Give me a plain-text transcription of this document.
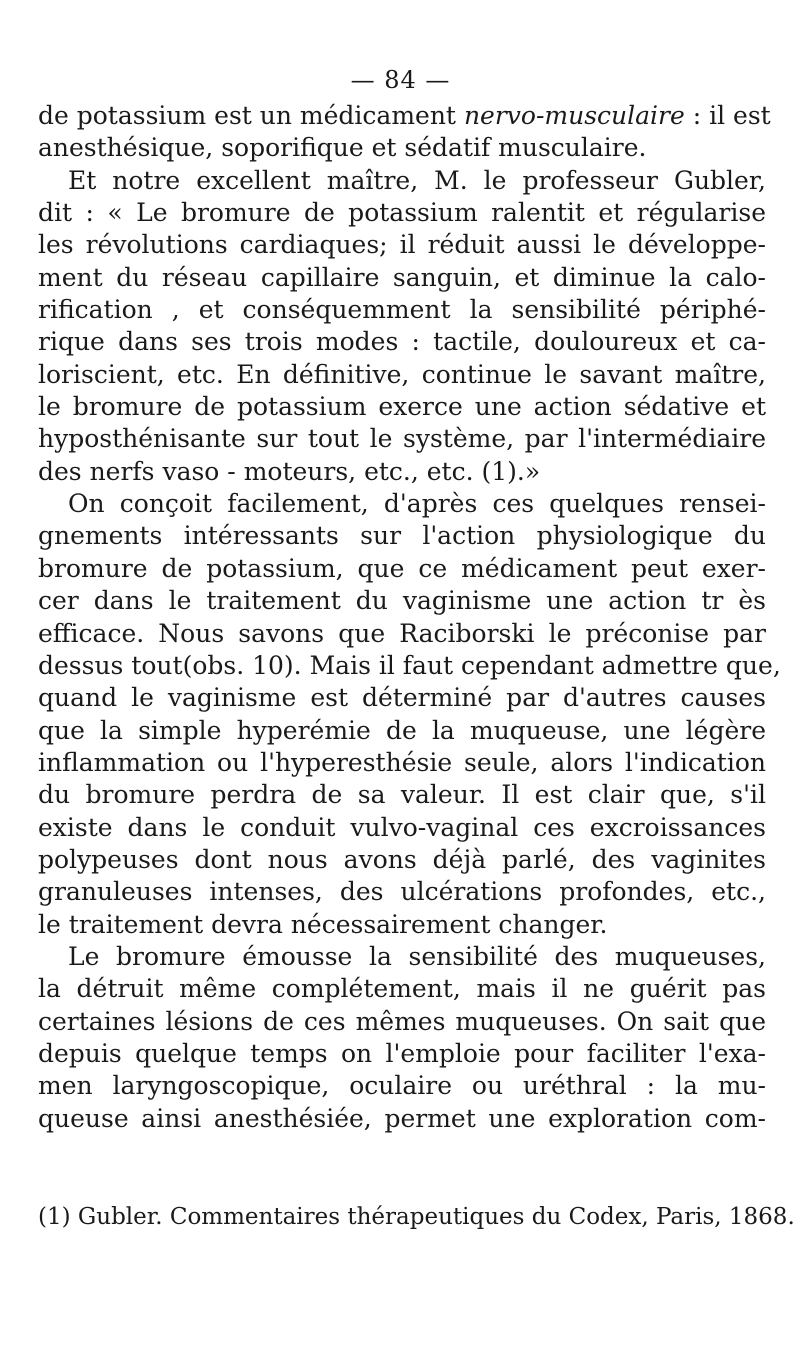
— 84 —
de potassium est un médicament nervo-musculaire : il est
anesthésique, soporifique et sédatif musculaire.
Et notre excellent maître, M. le professeur Gubler,
dit : « Le bromure de potassium ralentit et régularise
les révolutions cardiaques; il réduit aussi le développe-
ment du réseau capillaire sanguin, et diminue la calo-
rification , et conséquemment la sensibilité périphé-
rique dans ses trois modes : tactile, douloureux et ca-
loriscient, etc. En définitive, continue le savant maître,
le bromure de potassium exerce une action sédative et
hyposthénisante sur tout le système, par l'intermédiaire
des nerfs vaso - moteurs, etc., etc. (1).»
On conçoit facilement, d'après ces quelques rensei-
gnements intéressants sur l'action physiologique du
bromure de potassium, que ce médicament peut exer-
cer dans le traitement du vaginisme une action tr ès
efficace. Nous savons que Raciborski le préconise par
dessus tout(obs. 10). Mais il faut cependant admettre que,
quand le vaginisme est déterminé par d'autres causes
que la simple hyperémie de la muqueuse, une légère
inflammation ou l'hyperesthésie seule, alors l'indication
du bromure perdra de sa valeur. Il est clair que, s'il
existe dans le conduit vulvo-vaginal ces excroissances
polypeuses dont nous avons déjà parlé, des vaginites
granuleuses intenses, des ulcérations profondes, etc.,
le traitement devra nécessairement changer.
Le bromure émousse la sensibilité des muqueuses,
la détruit même complétement, mais il ne guérit pas
certaines lésions de ces mêmes muqueuses. On sait que
depuis quelque temps on l'emploie pour faciliter l'exa-
men laryngoscopique, oculaire ou uréthral : la mu-
queuse ainsi anesthésiée, permet une exploration com-
(1) Gubler. Commentaires thérapeutiques du Codex, Paris, 1868.
